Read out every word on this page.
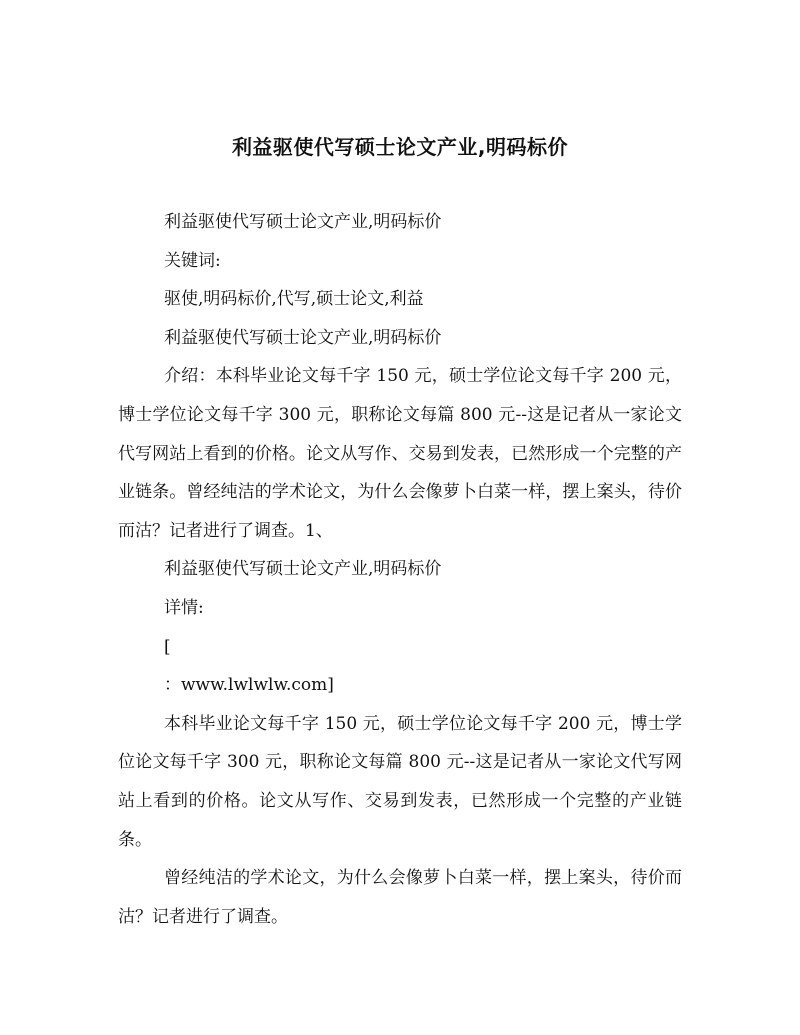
利益驱使代写硕士论文产业,明码标价

利益驱使代写硕士论文产业,明码标价

关键词:

驱使,明码标价,代写,硕士论文,利益

利益驱使代写硕士论文产业,明码标价

介绍：本科毕业论文每千字 150 元，硕士学位论文每千字 200 元，博士学位论文每千字 300 元，职称论文每篇 800 元--这是记者从一家论文代写网站上看到的价格。论文从写作、交易到发表，已然形成一个完整的产业链条。曾经纯洁的学术论文，为什么会像萝卜白菜一样，摆上案头，待价而沽？记者进行了调查。1、

利益驱使代写硕士论文产业,明码标价

详情:

[

：www.lwlwlw.com]

本科毕业论文每千字 150 元，硕士学位论文每千字 200 元，博士学位论文每千字 300 元，职称论文每篇 800 元--这是记者从一家论文代写网站上看到的价格。论文从写作、交易到发表，已然形成一个完整的产业链条。

曾经纯洁的学术论文，为什么会像萝卜白菜一样，摆上案头，待价而沽？记者进行了调查。
